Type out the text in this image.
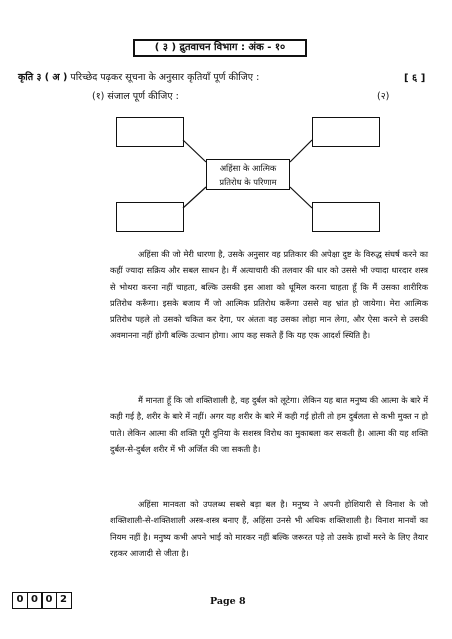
( ३ ) द्रुतवाचन विभाग : अंक - १०
कृति ३ ( अ ) परिच्छेद पढ़कर सूचना के अनुसार कृतियाँ पूर्ण कीजिए :	[ ६ ]
(१) संजाल पूर्ण कीजिए :	(२)
अहिंसा के आत्मिक
प्रतिरोध के परिणाम
अहिंसा की जो मेरी धारणा है, उसके अनुसार वह प्रतिकार की अपेक्षा दुष्ट के विरुद्ध संघर्ष करने का कहीं ज्यादा सक्रिय और सबल साधन है। मैं अत्याचारी की तलवार की धार को उससे भी ज्यादा धारदार शस्त्र से भोथरा करना नहीं चाहता, बल्कि उसकी इस आशा को धूमिल करना चाहता हूँ कि मैं उसका शारीरिक प्रतिरोध करूँगा। इसके बजाय मैं जो आत्मिक प्रतिरोध करूँगा उससे वह भ्रांत हो जायेगा। मेरा आत्मिक प्रतिरोध पहले तो उसको चकित कर देगा, पर अंततः वह उसका लोहा मान लेगा, और ऐसा करने से उसकी अवमानना नहीं होगी बल्कि उत्थान होगा। आप कह सकते हैं कि यह एक आदर्श स्थिति है।
मैं मानता हूँ कि जो शक्तिशाली है, वह दुर्बल को लूटेगा। लेकिन यह बात मनुष्य की आत्मा के बारे में कही गई है, शरीर के बारे में नहीं। अगर यह शरीर के बारे में कही गई होती तो हम दुर्बलता से कभी मुक्त न हो पाते। लेकिन आत्मा की शक्ति पूरी दुनिया के सशस्त्र विरोध का मुकाबला कर सकती है। आत्मा की यह शक्ति दुर्बल-से-दुर्बल शरीर में भी अर्जित की जा सकती है।
अहिंसा मानवता को उपलब्ध सबसे बड़ा बल है। मनुष्य ने अपनी होशियारी से विनाश के जो शक्तिशाली-से-शक्तिशाली अस्त्र-शस्त्र बनाए हैं, अहिंसा उनसे भी अधिक शक्तिशाली है। विनाश मानवों का नियम नहीं है। मनुष्य कभी अपने भाई को मारकर नहीं बल्कि जरूरत पड़े तो उसके हाथों मरने के लिए तैयार रहकर आजादी से जीता है।
0 0 0 2	Page 8
